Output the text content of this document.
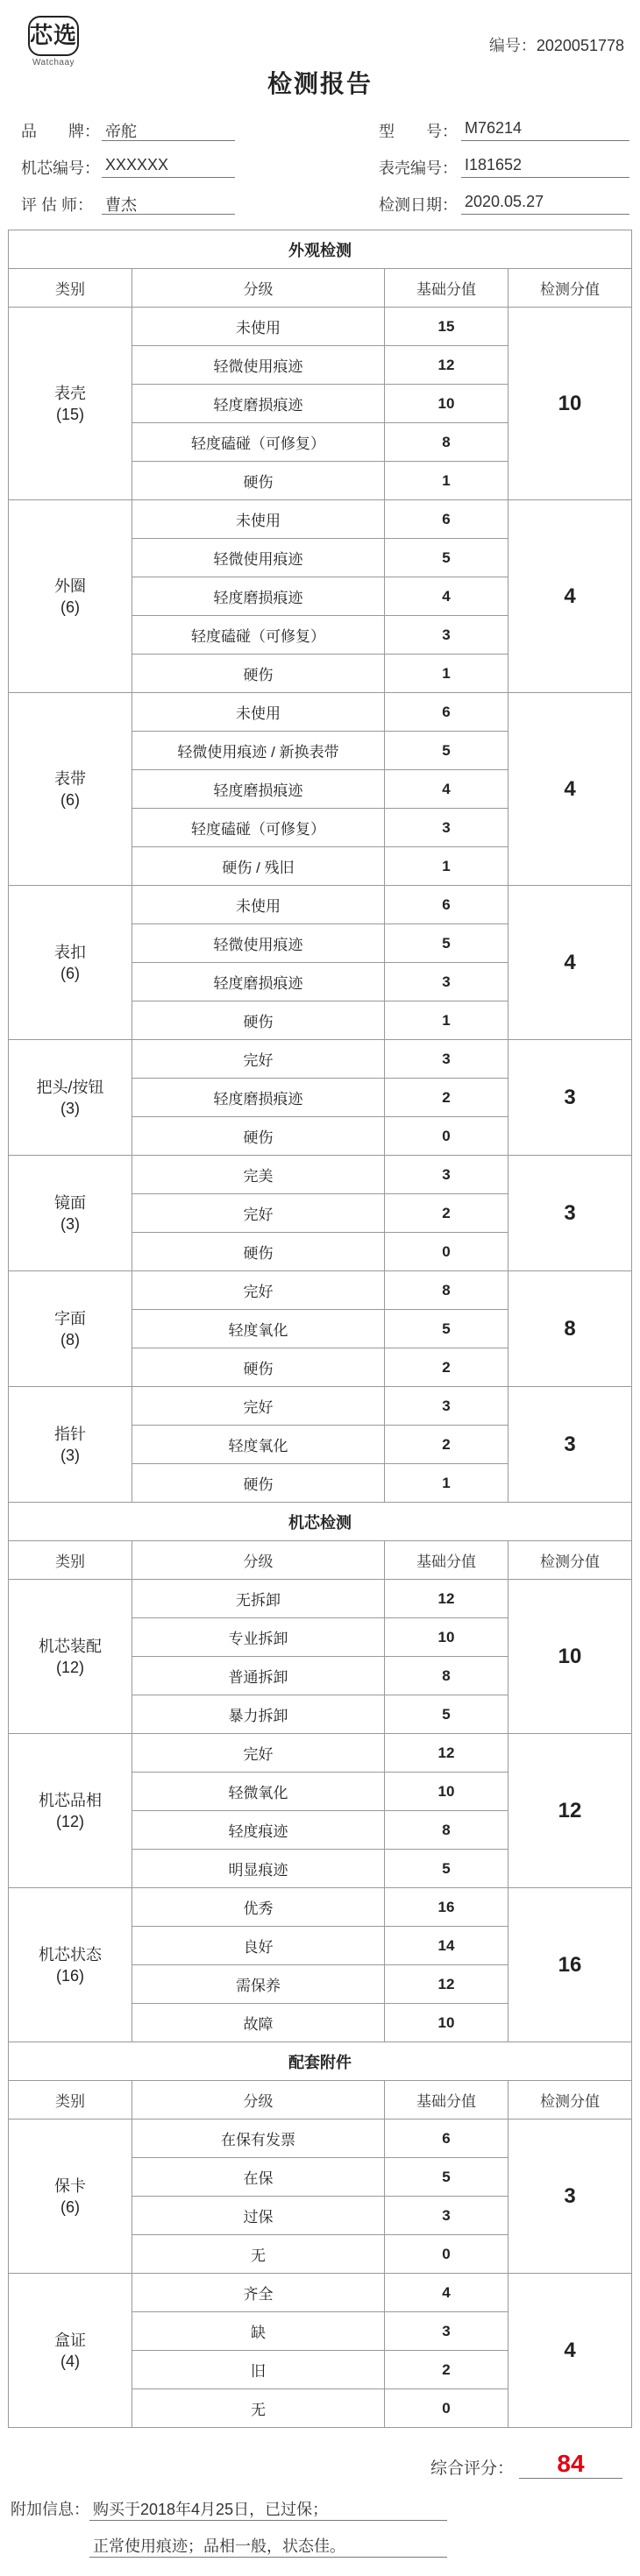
芯选
Watchaay
编号：2020051778
检测报告
品　　牌： 帝舵	型　　号： M76214
机芯编号： XXXXXX	表壳编号： I181652
评 估 师： 曹杰	检测日期： 2020.05.27
外观检测			
类别	分级	基础分值	检测分值

表壳
(15)	未使用	15	10
	轻微使用痕迹	12	
	轻度磨损痕迹	10	
	轻度磕碰（可修复）	8	
	硬伤	1	

外圈
(6)	未使用	6	4
	轻微使用痕迹	5	
	轻度磨损痕迹	4	
	轻度磕碰（可修复）	3	
	硬伤	1	

表带
(6)	未使用	6	4
	轻微使用痕迹 / 新换表带	5	
	轻度磨损痕迹	4	
	轻度磕碰（可修复）	3	
	硬伤 / 残旧	1	

表扣
(6)	未使用	6	4
	轻微使用痕迹	5	
	轻度磨损痕迹	3	
	硬伤	1	

把头/按钮
(3)	完好	3	3
	轻度磨损痕迹	2	
	硬伤	0	

镜面
(3)	完美	3	3
	完好	2	
	硬伤	0	

字面
(8)	完好	8	8
	轻度氧化	5	
	硬伤	2	

指针
(3)	完好	3	3
	轻度氧化	2	
	硬伤	1	
机芯检测			
类别	分级	基础分值	检测分值

机芯装配
(12)	无拆卸	12	10
	专业拆卸	10	
	普通拆卸	8	
	暴力拆卸	5	

机芯品相
(12)	完好	12	12
	轻微氧化	10	
	轻度痕迹	8	
	明显痕迹	5	

机芯状态
(16)	优秀	16	16
	良好	14	
	需保养	12	
	故障	10	
配套附件			
类别	分级	基础分值	检测分值

保卡
(6)	在保有发票	6	3
	在保	5	
	过保	3	
	无	0	

盒证
(4)	齐全	4	4
	缺	3	
	旧	2	
	无	0	
综合评分： 84
附加信息： 购买于2018年4月25日，已过保；
正常使用痕迹；品相一般，状态佳。
